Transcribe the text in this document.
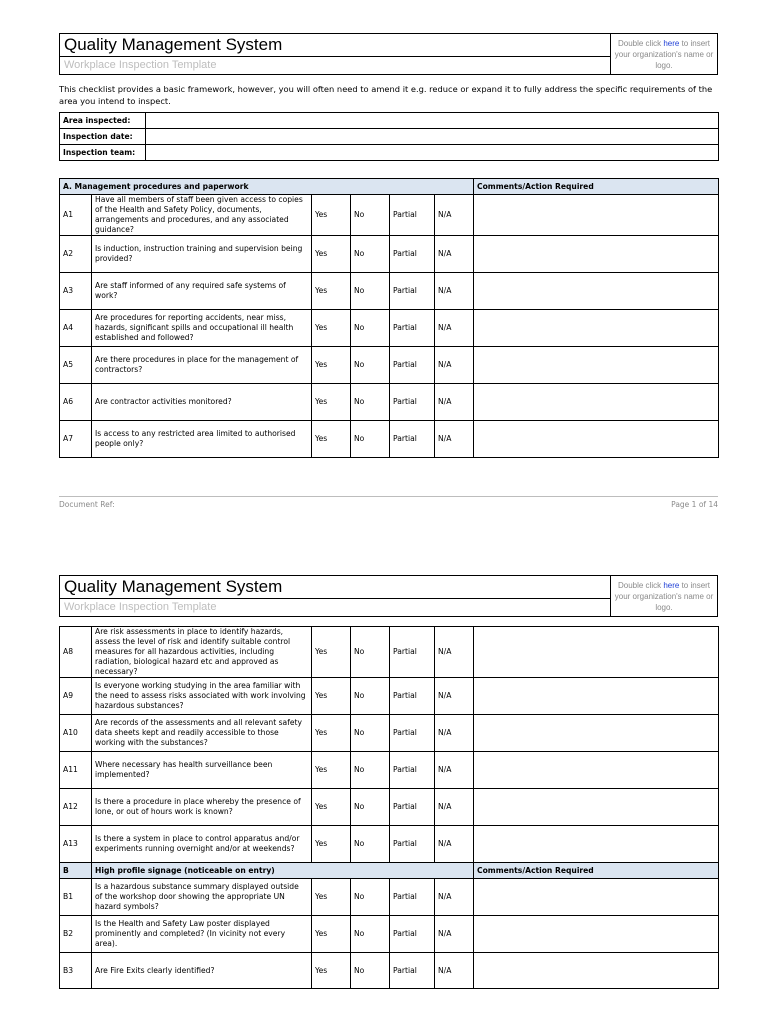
Quality Management System
Workplace Inspection Template
Double click here to insert your organization's name or logo.
This checklist provides a basic framework, however, you will often need to amend it e.g. reduce or expand it to fully address the specific requirements of the area you intend to inspect.
Area inspected:	
Inspection date:	
Inspection team:	
A. Management procedures and paperwork						Comments/Action Required
A1	Have all members of staff been given access to copies of the Health and Safety Policy, documents, arrangements and procedures, and any associated guidance?	Yes	No	Partial	N/A	
A2	Is induction, instruction training and supervision being provided?	Yes	No	Partial	N/A	
A3	Are staff informed of any required safe systems of work?	Yes	No	Partial	N/A	
A4	Are procedures for reporting accidents, near miss, hazards, significant spills and occupational ill health established and followed?	Yes	No	Partial	N/A	
A5	Are there procedures in place for the management of contractors?	Yes	No	Partial	N/A	
A6	Are contractor activities monitored?	Yes	No	Partial	N/A	
A7	Is access to any restricted area limited to authorised people only?	Yes	No	Partial	N/A	
Document Ref:	Page 1 of 14
Quality Management System
Workplace Inspection Template
Double click here to insert your organization's name or logo.
A8	Are risk assessments in place to identify hazards, assess the level of risk and identify suitable control measures for all hazardous activities, including radiation, biological hazard etc and approved as necessary?	Yes	No	Partial	N/A	
A9	Is everyone working studying in the area familiar with the need to assess risks associated with work involving hazardous substances?	Yes	No	Partial	N/A	
A10	Are records of the assessments and all relevant safety data sheets kept and readily accessible to those working with the substances?	Yes	No	Partial	N/A	
A11	Where necessary has health surveillance been implemented?	Yes	No	Partial	N/A	
A12	Is there a procedure in place whereby the presence of lone, or out of hours work is known?	Yes	No	Partial	N/A	
A13	Is there a system in place to control apparatus and/or experiments running overnight and/or at weekends?	Yes	No	Partial	N/A	
B	High profile signage (noticeable on entry)					Comments/Action Required
B1	Is a hazardous substance summary displayed outside of the workshop door showing the appropriate UN hazard symbols?	Yes	No	Partial	N/A	
B2	Is the Health and Safety Law poster displayed prominently and completed? (In vicinity not every area).	Yes	No	Partial	N/A	
B3	Are Fire Exits clearly identified?	Yes	No	Partial	N/A	
